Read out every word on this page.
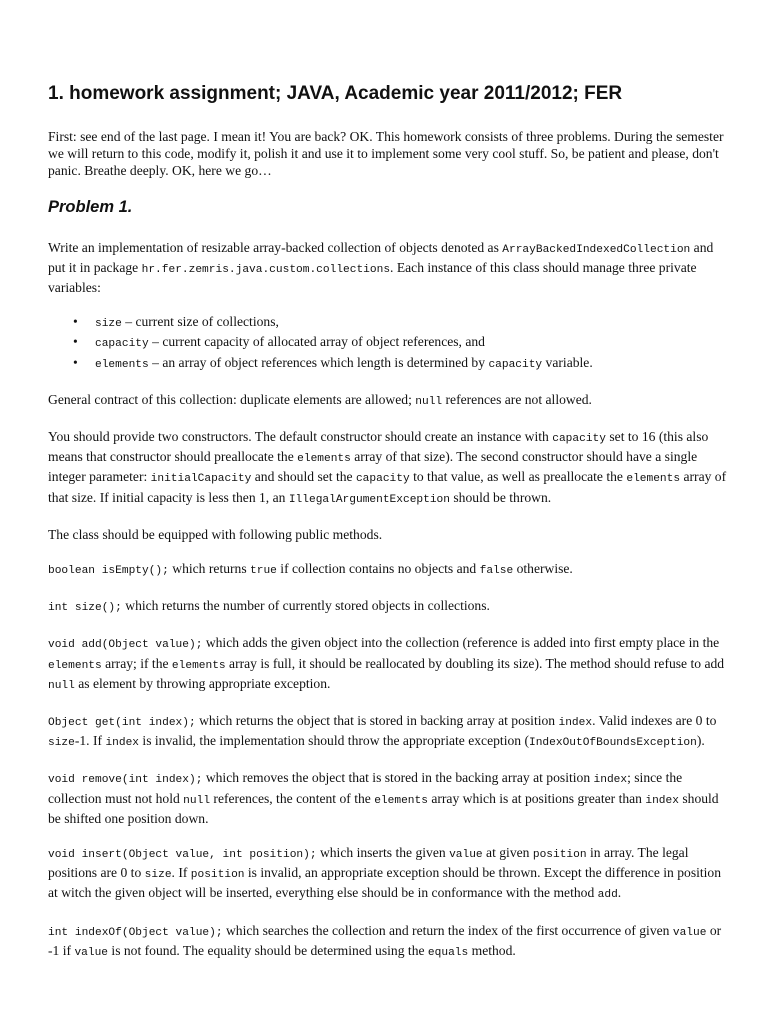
1. homework assignment; JAVA, Academic year 2011/2012; FER

First: see end of the last page. I mean it! You are back? OK. This homework consists of three problems. During the semester we will return to this code, modify it, polish it and use it to implement some very cool stuff. So, be patient and please, don't panic. Breathe deeply. OK, here we go…

Problem 1.

Write an implementation of resizable array-backed collection of objects denoted as ArrayBackedIndexedCollection and put it in package hr.fer.zemris.java.custom.collections. Each instance of this class should manage three private variables:

• size – current size of collections,
• capacity – current capacity of allocated array of object references, and
• elements – an array of object references which length is determined by capacity variable.

General contract of this collection: duplicate elements are allowed; null references are not allowed.

You should provide two constructors. The default constructor should create an instance with capacity set to 16 (this also means that constructor should preallocate the elements array of that size). The second constructor should have a single integer parameter: initialCapacity and should set the capacity to that value, as well as preallocate the elements array of that size. If initial capacity is less then 1, an IllegalArgumentException should be thrown.

The class should be equipped with following public methods.

boolean isEmpty(); which returns true if collection contains no objects and false otherwise.

int size(); which returns the number of currently stored objects in collections.

void add(Object value); which adds the given object into the collection (reference is added into first empty place in the elements array; if the elements array is full, it should be reallocated by doubling its size). The method should refuse to add null as element by throwing appropriate exception.

Object get(int index); which returns the object that is stored in backing array at position index. Valid indexes are 0 to size-1. If index is invalid, the implementation should throw the appropriate exception (IndexOutOfBoundsException).

void remove(int index); which removes the object that is stored in the backing array at position index; since the collection must not hold null references, the content of the elements array which is at positions greater than index should be shifted one position down.

void insert(Object value, int position); which inserts the given value at given position in array. The legal positions are 0 to size. If position is invalid, an appropriate exception should be thrown. Except the difference in position at witch the given object will be inserted, everything else should be in conformance with the method add.

int indexOf(Object value); which searches the collection and return the index of the first occurrence of given value or -1 if value is not found. The equality should be determined using the equals method.
